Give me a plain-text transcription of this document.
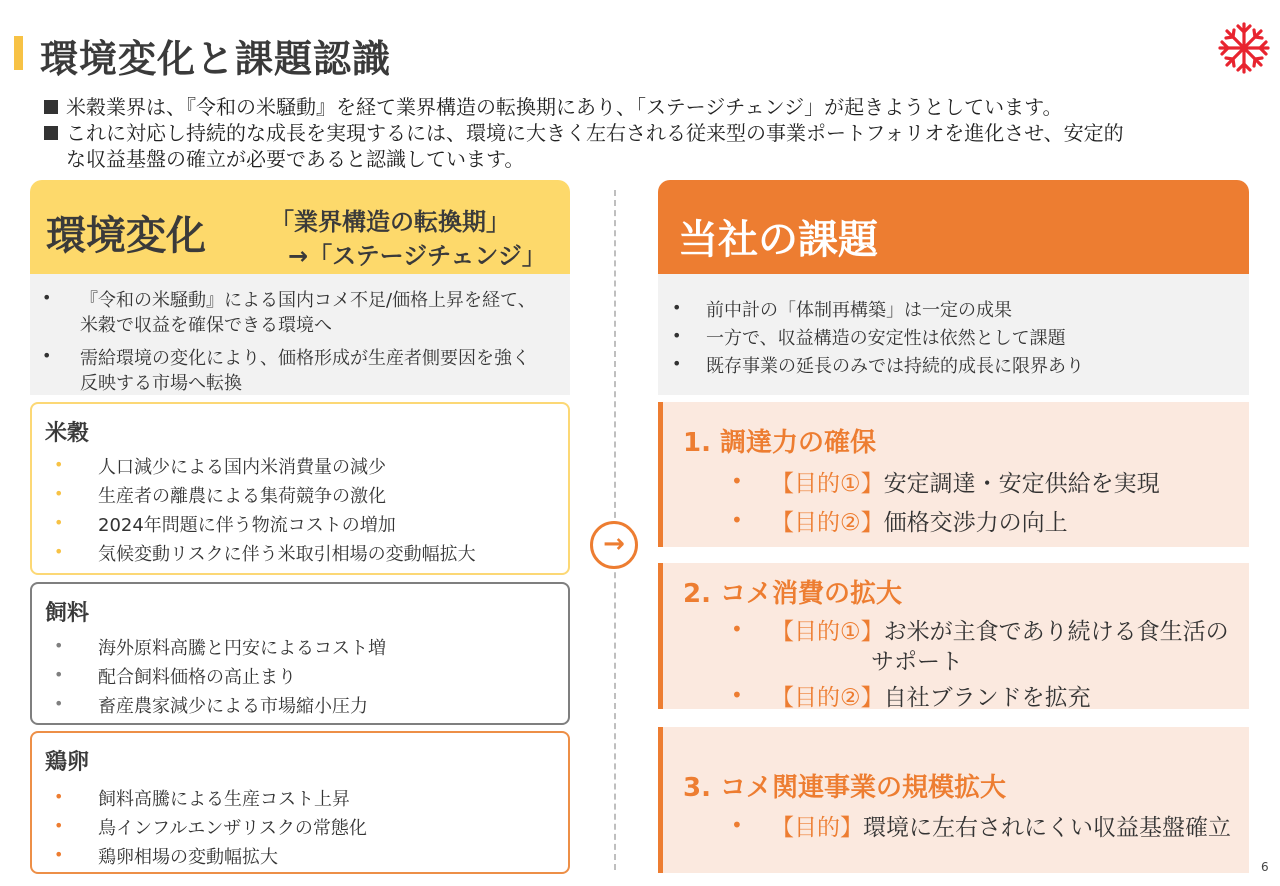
環境変化と課題認識
米穀業界は、『令和の米騒動』を経て業界構造の転換期にあり、「ステージチェンジ」が起きようとしています。
これに対応し持続的な成長を実現するには、環境に大きく左右される従来型の事業ポートフォリオを進化させ、安定的
な収益基盤の確立が必要であると認識しています。
環境変化	「業界構造の転換期」
→「ステージチェンジ」
• 『令和の米騒動』による国内コメ不足/価格上昇を経て、
米穀で収益を確保できる環境へ
• 需給環境の変化により、価格形成が生産者側要因を強く
反映する市場へ転換
米穀
• 人口減少による国内米消費量の減少
• 生産者の離農による集荷競争の激化
• 2024年問題に伴う物流コストの増加
• 気候変動リスクに伴う米取引相場の変動幅拡大
飼料
• 海外原料高騰と円安によるコスト増
• 配合飼料価格の高止まり
• 畜産農家減少による市場縮小圧力
鶏卵
• 飼料高騰による生産コスト上昇
• 鳥インフルエンザリスクの常態化
• 鶏卵相場の変動幅拡大
→
当社の課題
• 前中計の「体制再構築」は一定の成果
• 一方で、収益構造の安定性は依然として課題
• 既存事業の延長のみでは持続的成長に限界あり
1. 調達力の確保
• 【目的①】安定調達・安定供給を実現
• 【目的②】価格交渉力の向上
2. コメ消費の拡大
• 【目的①】お米が主食であり続ける食生活の
サポート
• 【目的②】自社ブランドを拡充
3. コメ関連事業の規模拡大
• 【目的】環境に左右されにくい収益基盤確立
6
